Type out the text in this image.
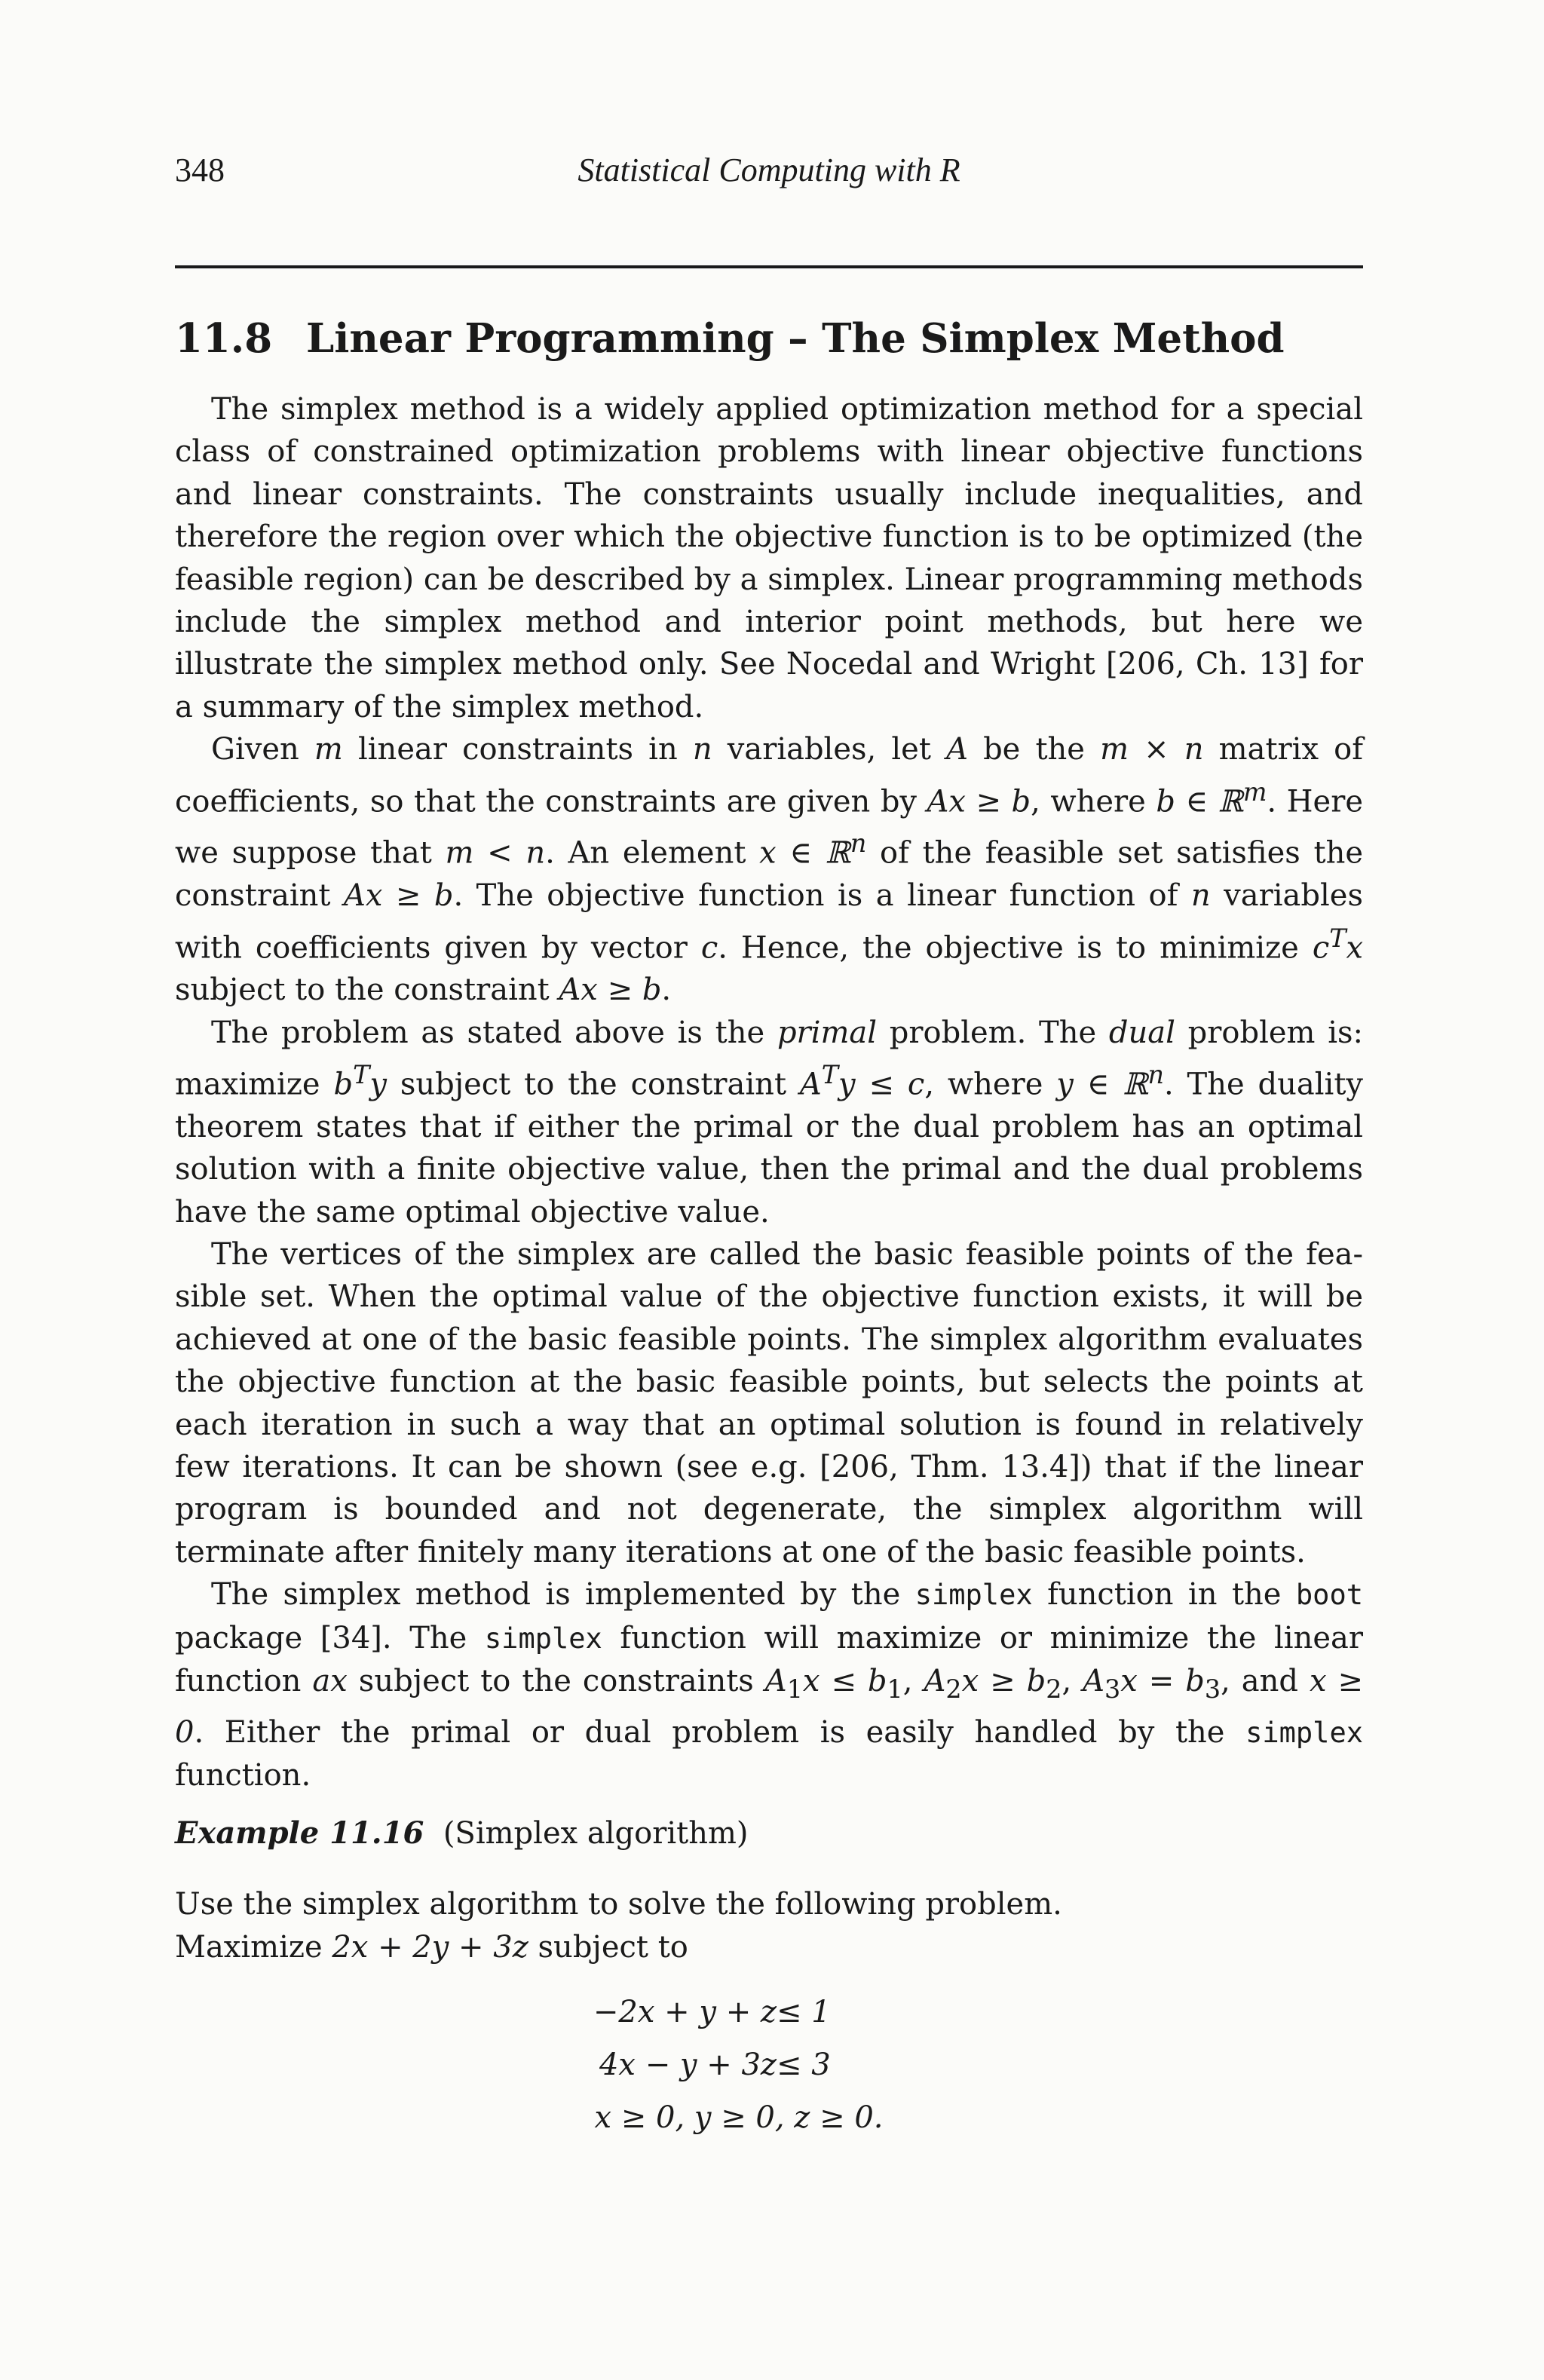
348	Statistical Computing with R
11.8 Linear Programming – The Simplex Method

The simplex method is a widely applied optimization method for a special class of constrained optimization problems with linear objective functions and linear constraints. The constraints usually include inequalities, and therefore the region over which the objective function is to be optimized (the feasible region) can be described by a simplex. Linear programming methods include the simplex method and interior point methods, but here we illustrate the simplex method only. See Nocedal and Wright [206, Ch. 13] for a summary of the simplex method.

Given m linear constraints in n variables, let A be the m × n matrix of coefficients, so that the constraints are given by Ax ≥ b, where b ∈ ℝ$^m$. Here we suppose that m < n. An element x ∈ ℝ$^n$ of the feasible set satisfies the constraint Ax ≥ b. The objective function is a linear function of n variables with coefficients given by vector c. Hence, the objective is to minimize $c^Tx$ subject to the constraint Ax ≥ b.

The problem as stated above is the primal problem. The dual problem is: maximize $b^Ty$ subject to the constraint $A^Ty \le c$, where y ∈ ℝ$^n$. The duality theorem states that if either the primal or the dual problem has an optimal solution with a finite objective value, then the primal and the dual problems have the same optimal objective value.

The vertices of the simplex are called the basic feasible points of the feasible set. When the optimal value of the objective function exists, it will be achieved at one of the basic feasible points. The simplex algorithm evaluates the objective function at the basic feasible points, but selects the points at each iteration in such a way that an optimal solution is found in relatively few iterations. It can be shown (see e.g. [206, Thm. 13.4]) that if the linear program is bounded and not degenerate, the simplex algorithm will terminate after finitely many iterations at one of the basic feasible points.

The simplex method is implemented by the simplex function in the boot package [34]. The simplex function will maximize or minimize the linear function ax subject to the constraints $A_1x \le b_1$, $A_2x \ge b_2$, $A_3x = b_3$, and x ≥ 0. Either the primal or dual problem is easily handled by the simplex function.

Example 11.16 (Simplex algorithm)
Use the simplex algorithm to solve the following problem.
Maximize 2x + 2y + 3z subject to
−2x + y + z ≤ 1
4x − y + 3z ≤ 3
x ≥ 0, y ≥ 0, z ≥ 0.
